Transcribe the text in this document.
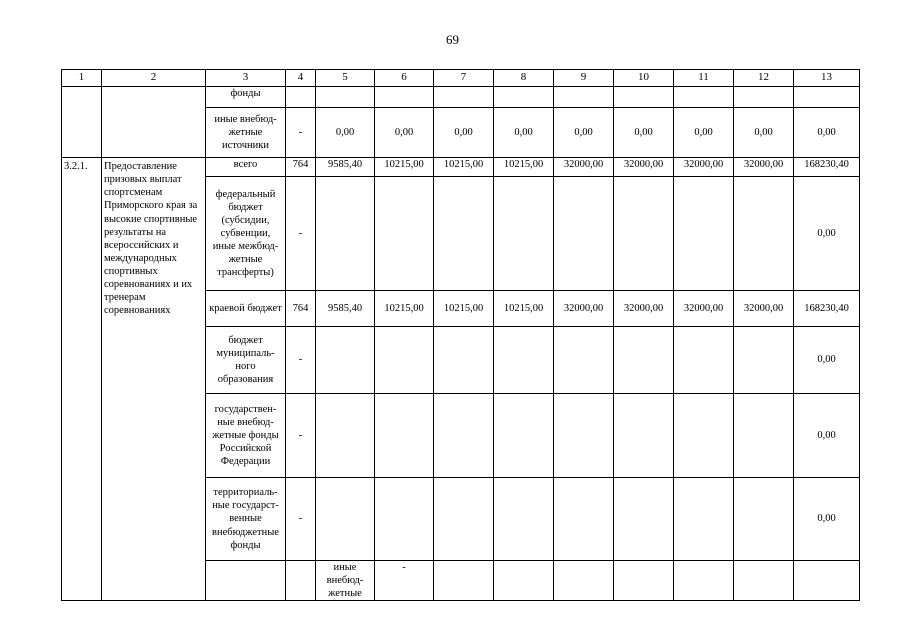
69
1	2	3	4	5	6	7	8	9	10	11	12	13	
		фонды											
		иные внебюд-жетные источники	-	0,00	0,00	0,00	0,00	0,00	0,00	0,00	0,00	0,00	
3.2.1.	Предоставление призовых выплат спортсменам Приморского края за высокие спортивные результаты на всероссийских и международных спортивных соревнованиях и их тренерам соревнованиях	всего	764	9585,40	10215,00	10215,00	10215,00	32000,00	32000,00	32000,00	32000,00	168230,40	
		федеральный бюджет (субсидии, субвенции, иные межбюд-жетные трансферты)	-									0,00	
		краевой бюджет	764	9585,40	10215,00	10215,00	10215,00	32000,00	32000,00	32000,00	32000,00	168230,40	
		бюджет муниципаль-ного образования	-									0,00	
		государствен-ные внебюд-жетные фонды Российской Федерации	-									0,00	
		территориаль-ные государст-венные внебюджетные фонды	-									0,00	
				иные внебюд-жетные	-									
